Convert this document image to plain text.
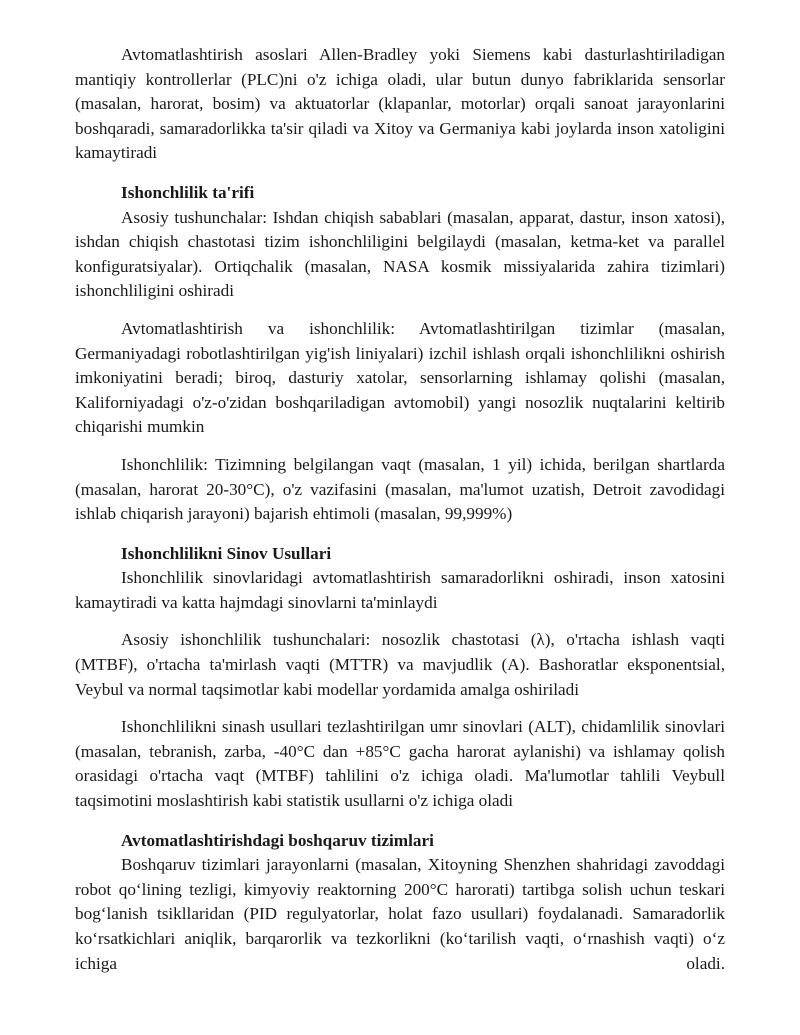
Avtomatlashtirish asoslari Allen-Bradley yoki Siemens kabi dasturlashtiriladigan mantiqiy kontrollerlar (PLC)ni o'z ichiga oladi, ular butun dunyo fabriklarida sensorlar (masalan, harorat, bosim) va aktuatorlar (klapanlar, motorlar) orqali sanoat jarayonlarini boshqaradi, samaradorlikka ta'sir qiladi va Xitoy va Germaniya kabi joylarda inson xatoligini kamaytiradi

Ishonchlilik ta'rifi

Asosiy tushunchalar: Ishdan chiqish sabablari (masalan, apparat, dastur, inson xatosi), ishdan chiqish chastotasi tizim ishonchliligini belgilaydi (masalan, ketma-ket va parallel konfiguratsiyalar). Ortiqchalik (masalan, NASA kosmik missiyalarida zahira tizimlari) ishonchliligini oshiradi

Avtomatlashtirish va ishonchlilik: Avtomatlashtirilgan tizimlar (masalan, Germaniyadagi robotlashtirilgan yig'ish liniyalari) izchil ishlash orqali ishonchlilikni oshirish imkoniyatini beradi; biroq, dasturiy xatolar, sensorlarning ishlamay qolishi (masalan, Kaliforniyadagi o'z-o'zidan boshqariladigan avtomobil) yangi nosozlik nuqtalarini keltirib chiqarishi mumkin

Ishonchlilik: Tizimning belgilangan vaqt (masalan, 1 yil) ichida, berilgan shartlarda (masalan, harorat 20-30°C), o'z vazifasini (masalan, ma'lumot uzatish, Detroit zavodidagi ishlab chiqarish jarayoni) bajarish ehtimoli (masalan, 99,999%)

Ishonchlilikni Sinov Usullari

Ishonchlilik sinovlaridagi avtomatlashtirish samaradorlikni oshiradi, inson xatosini kamaytiradi va katta hajmdagi sinovlarni ta'minlaydi

Asosiy ishonchlilik tushunchalari: nosozlik chastotasi (λ), o'rtacha ishlash vaqti (MTBF), o'rtacha ta'mirlash vaqti (MTTR) va mavjudlik (A). Bashoratlar eksponentsial, Veybul va normal taqsimotlar kabi modellar yordamida amalga oshiriladi

Ishonchlilikni sinash usullari tezlashtirilgan umr sinovlari (ALT), chidamlilik sinovlari (masalan, tebranish, zarba, -40°C dan +85°C gacha harorat aylanishi) va ishlamay qolish orasidagi o'rtacha vaqt (MTBF) tahlilini o'z ichiga oladi. Ma'lumotlar tahlili Veybull taqsimotini moslashtirish kabi statistik usullarni o'z ichiga oladi

Avtomatlashtirishdagi boshqaruv tizimlari

Boshqaruv tizimlari jarayonlarni (masalan, Xitoyning Shenzhen shahridagi zavoddagi robot qo‘lining tezligi, kimyoviy reaktorning 200°C harorati) tartibga solish uchun teskari bog‘lanish tsikllaridan (PID regulyatorlar, holat fazo usullari) foydalanadi. Samaradorlik ko‘rsatkichlari aniqlik, barqarorlik va tezkorlikni (ko‘tarilish vaqti, o‘rnashish vaqti) o‘z ichiga oladi.
